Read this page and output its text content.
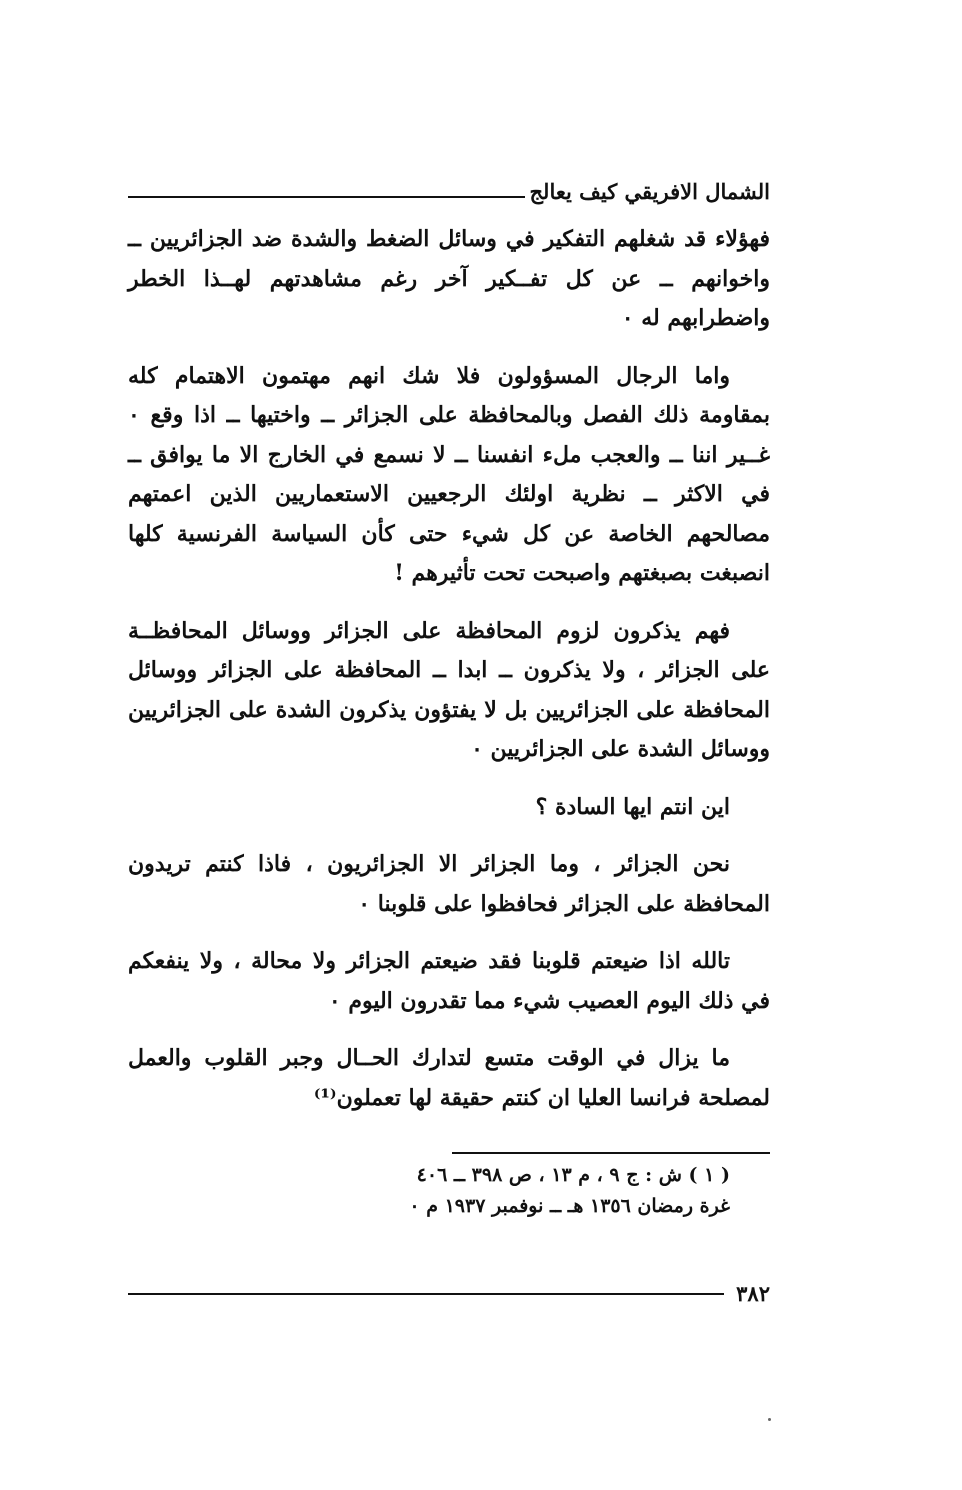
الشمال الافريقي كيف يعالج

فهؤلاء قد شغلهم التفكير في وسائل الضغط والشدة ضد الجزائريين ــ واخوانهم ــ عن كل تفــكير آخر رغم مشاهدتهم لهــذا الخطر واضطرابهم له ٠

واما الرجال المسؤولون فلا شك انهم مهتمون الاهتمام كله بمقاومة ذلك الفصل وبالمحافظة على الجزائر ــ واختيها ــ اذا وقع ٠ غــير اننا ــ والعجب ملء انفسنا ــ لا نسمع في الخارج الا ما يوافق ــ في الاكثر ــ نظرية اولئك الرجعيين الاستعماريين الذين اعمتهم مصالحهم الخاصة عن كل شيء حتى كأن السياسة الفرنسية كلها انصبغت بصبغتهم واصبحت تحت تأثيرهم !

فهم يذكرون لزوم المحافظة على الجزائر ووسائل المحافظــة على الجزائر ، ولا يذكرون ــ ابدا ــ المحافظة على الجزائر ووسائل المحافظة على الجزائريين بل لا يفتؤون يذكرون الشدة على الجزائريين ووسائل الشدة على الجزائريين ٠

اين انتم ايها السادة ؟

نحن الجزائر ، وما الجزائر الا الجزائريون ، فاذا كنتم تريدون المحافظة على الجزائر فحافظوا على قلوبنا ٠

تالله اذا ضيعتم قلوبنا فقد ضيعتم الجزائر ولا محالة ، ولا ينفعكم في ذلك اليوم العصيب شيء مما تقدرون اليوم ٠

ما يزال في الوقت متسع لتدارك الحــال وجبر القلوب والعمل لمصلحة فرانسا العليا ان كنتم حقيقة لها تعملون⁽¹⁾

( ١ ) ش : ج ٩ ، م ١٣ ، ص ٣٩٨ ــ ٤٠٦
غرة رمضان ١٣٥٦ هـ ــ نوفمبر ١٩٣٧ م ٠
٣٨٢
